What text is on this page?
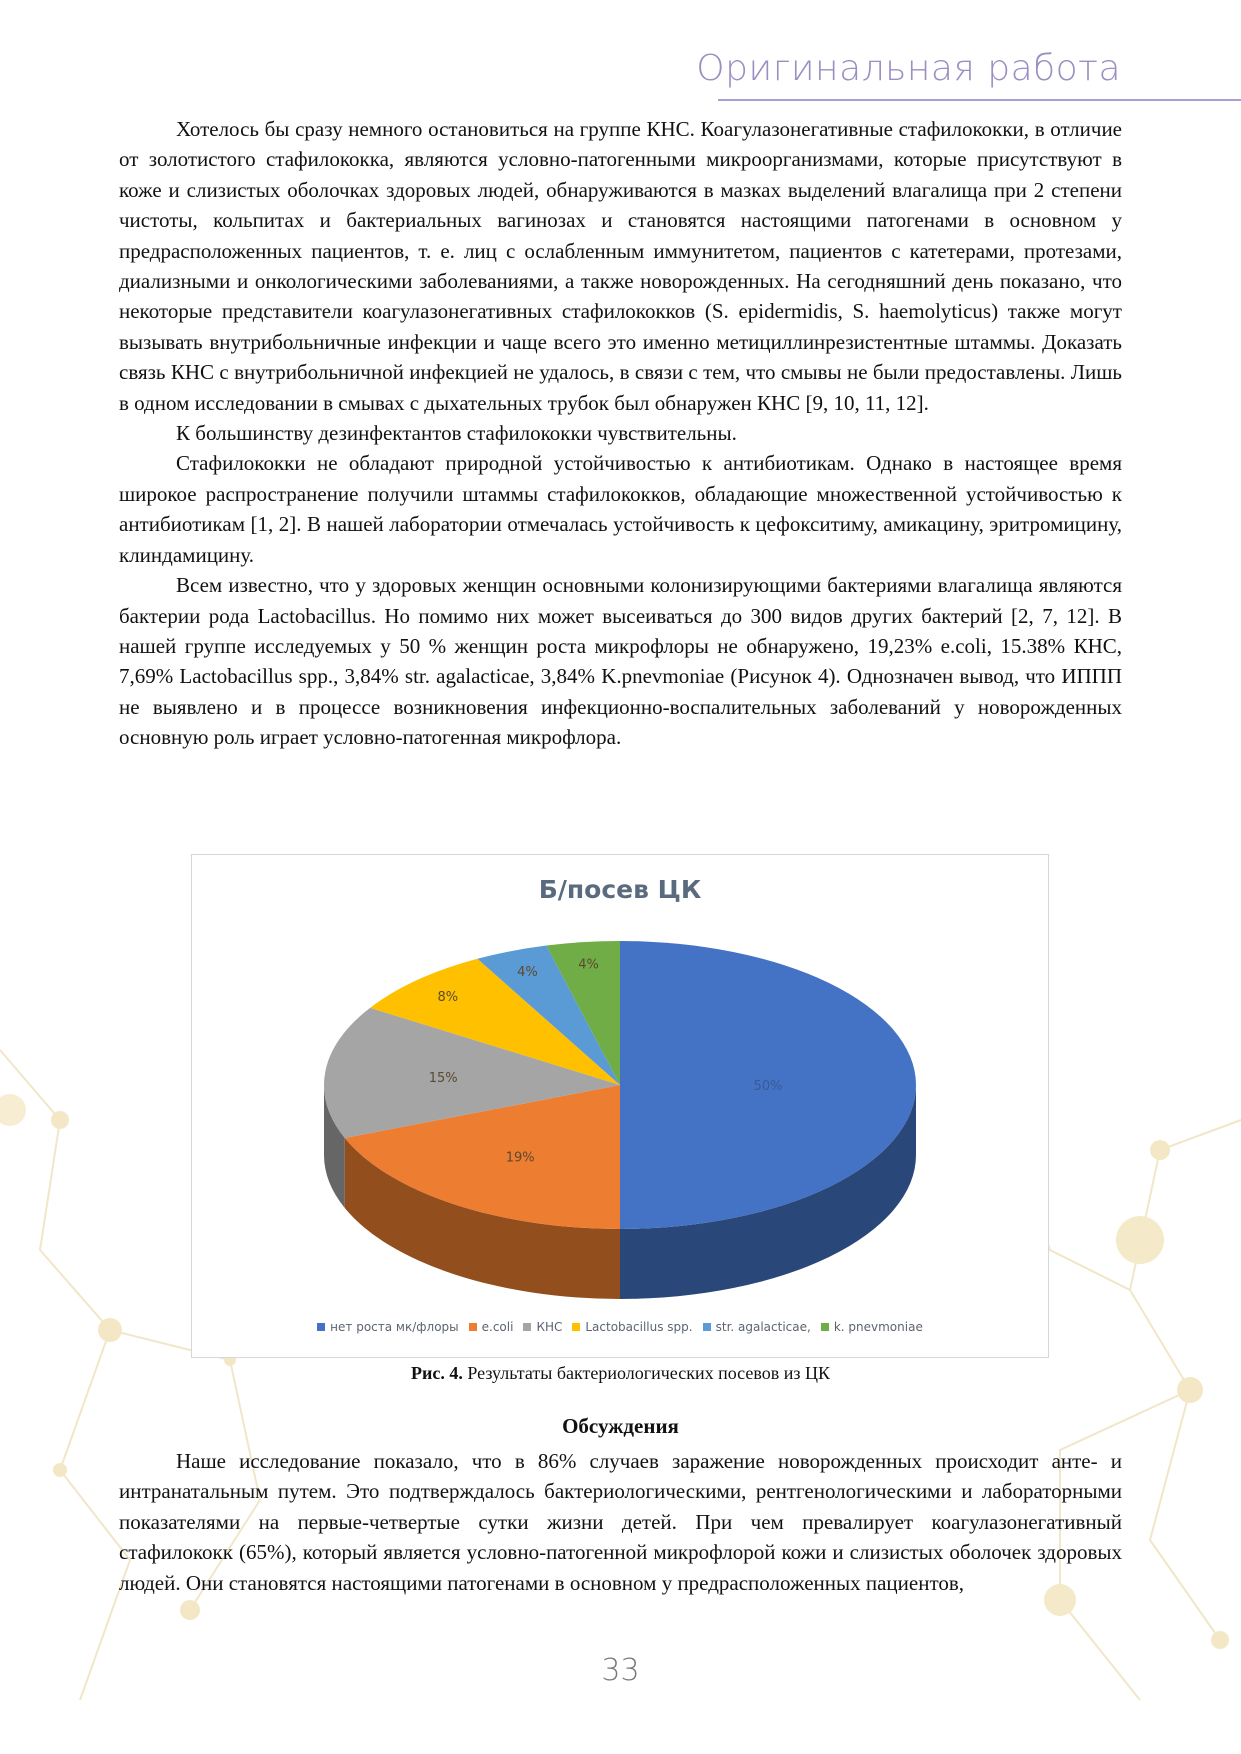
Оригинальная работа

Хотелось бы сразу немного остановиться на группе КНС. Коагулазонегативные стафилококки, в отличие от золотистого стафилококка, являются условно-патогенными микроорганизмами, которые присутствуют в коже и слизистых оболочках здоровых людей, обнаруживаются в мазках выделений влагалища при 2 степени чистоты, кольпитах и бактериальных вагинозах и становятся настоящими патогенами в основном у предрасположенных пациентов, т. е. лиц с ослабленным иммунитетом, пациентов с катетерами, протезами, диализными и онкологическими заболеваниями, а также новорожденных. На сегодняшний день показано, что некоторые представители коагулазонегативных стафилококков (S. epidermidis, S. haemolyticus) также могут вызывать внутрибольничные инфекции и чаще всего это именно метициллинрезистентные штаммы. Доказать связь КНС с внутрибольничной инфекцией не удалось, в связи с тем, что смывы не были предоставлены. Лишь в одном исследовании в смывах с дыхательных трубок был обнаружен КНС [9, 10, 11, 12].

К большинству дезинфектантов стафилококки чувствительны.

Стафилококки не обладают природной устойчивостью к антибиотикам. Однако в настоящее время широкое распространение получили штаммы стафилококков, обладающие множественной устойчивостью к антибиотикам [1, 2]. В нашей лаборатории отмечалась устойчивость к цефокситиму, амикацину, эритромицину, клиндамицину.

Всем известно, что у здоровых женщин основными колонизирующими бактериями влагалища являются бактерии рода Lactobacillus. Но помимо них может высеиваться до 300 видов других бактерий [2, 7, 12]. В нашей группе исследуемых у 50 % женщин роста микрофлоры не обнаружено, 19,23% e.coli, 15.38% КНС, 7,69% Lactobacillus spp., 3,84% str. agalacticae, 3,84% K.pnevmoniae (Рисунок 4). Однозначен вывод, что ИППП не выявлено и в процессе возникновения инфекционно-воспалительных заболеваний у новорожденных основную роль играет условно-патогенная микрофлора.

Б/посев ЦК
50%
19%
15%
8%
4%
4%
нет роста мк/флоры e.coli КНС Lactobacillus spp. str. agalacticae, k. pnevmoniae
Рис. 4. Результаты бактериологических посевов из ЦК
Обсуждения

Наше исследование показало, что в 86% случаев заражение новорожденных происходит анте- и интранатальным путем. Это подтверждалось бактериологическими, рентгенологическими и лабораторными показателями на первые-четвертые сутки жизни детей. При чем превалирует коагулазонегативный стафилококк (65%), который является условно-патогенной микрофлорой кожи и слизистых оболочек здоровых людей. Они становятся настоящими патогенами в основном у предрасположенных пациентов,

33
